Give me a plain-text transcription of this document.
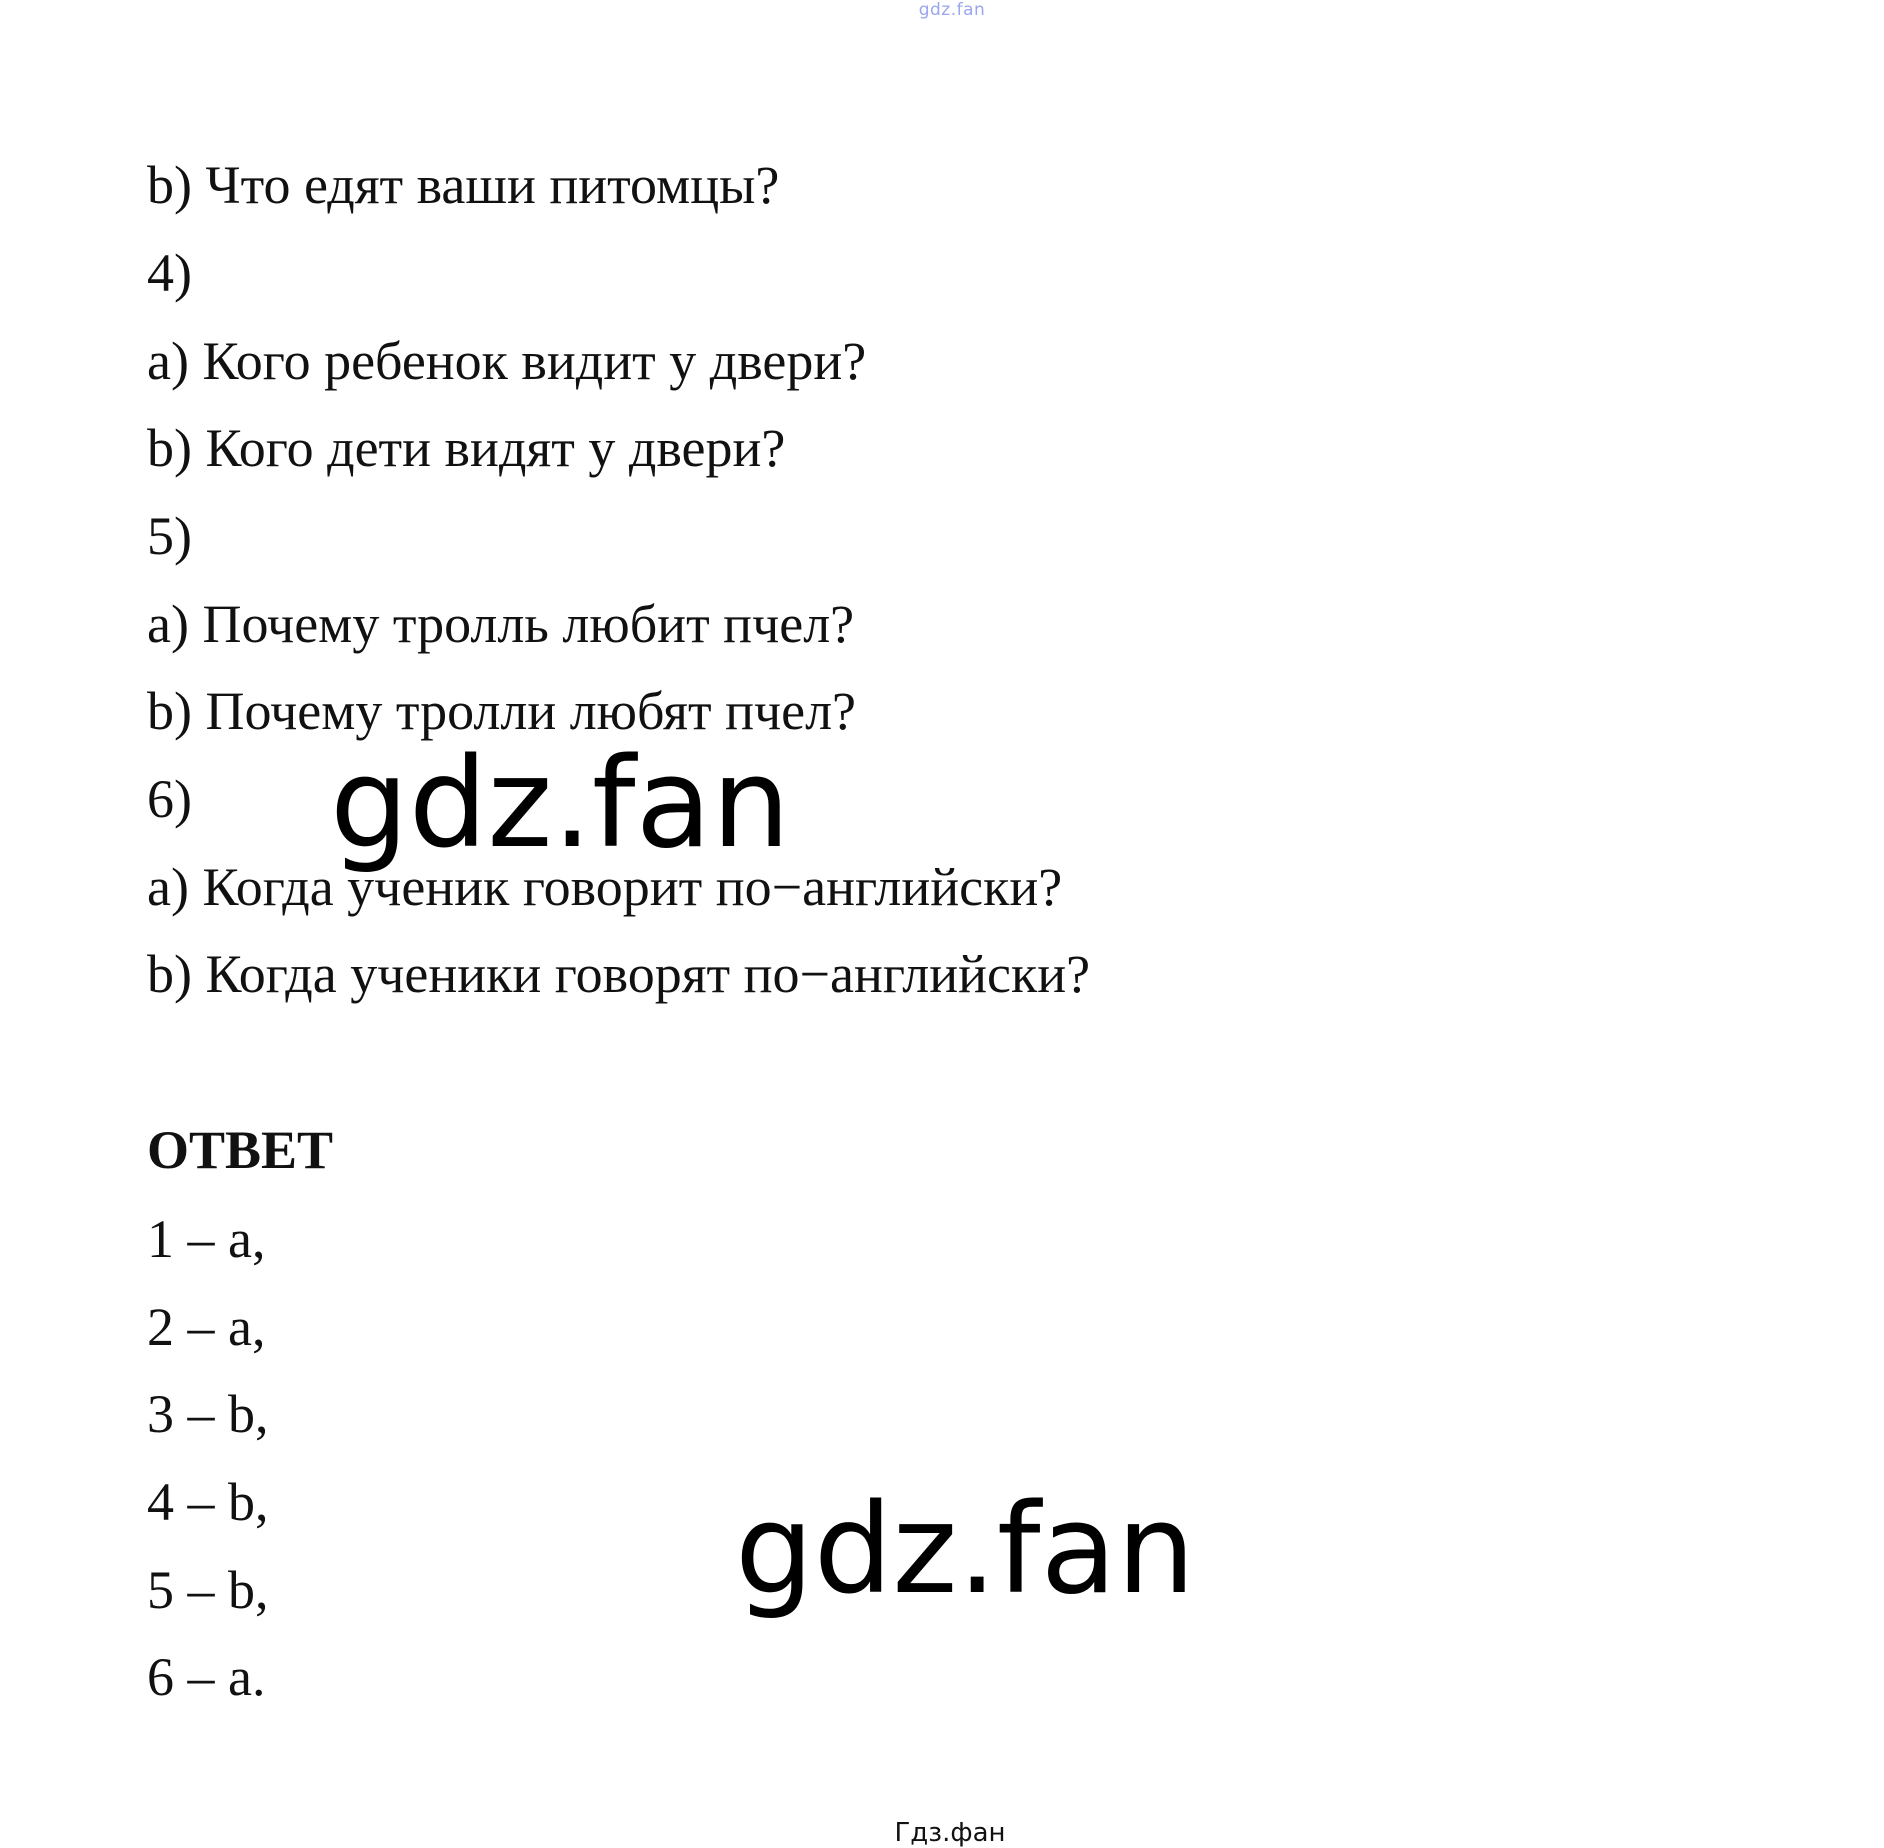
gdz.fan
b) Что едят ваши питомцы?
4)
a) Кого ребенок видит у двери?
b) Кого дети видят у двери?
5)
a) Почему тролль любит пчел?
b) Почему тролли любят пчел?
6)
a) Когда ученик говорит по−английски?
b) Когда ученики говорят по−английски?
ОТВЕТ
1 – a,
2 – a,
3 – b,
4 – b,
5 – b,
6 – a.
gdz.fan
gdz.fan
Гдз.фан
